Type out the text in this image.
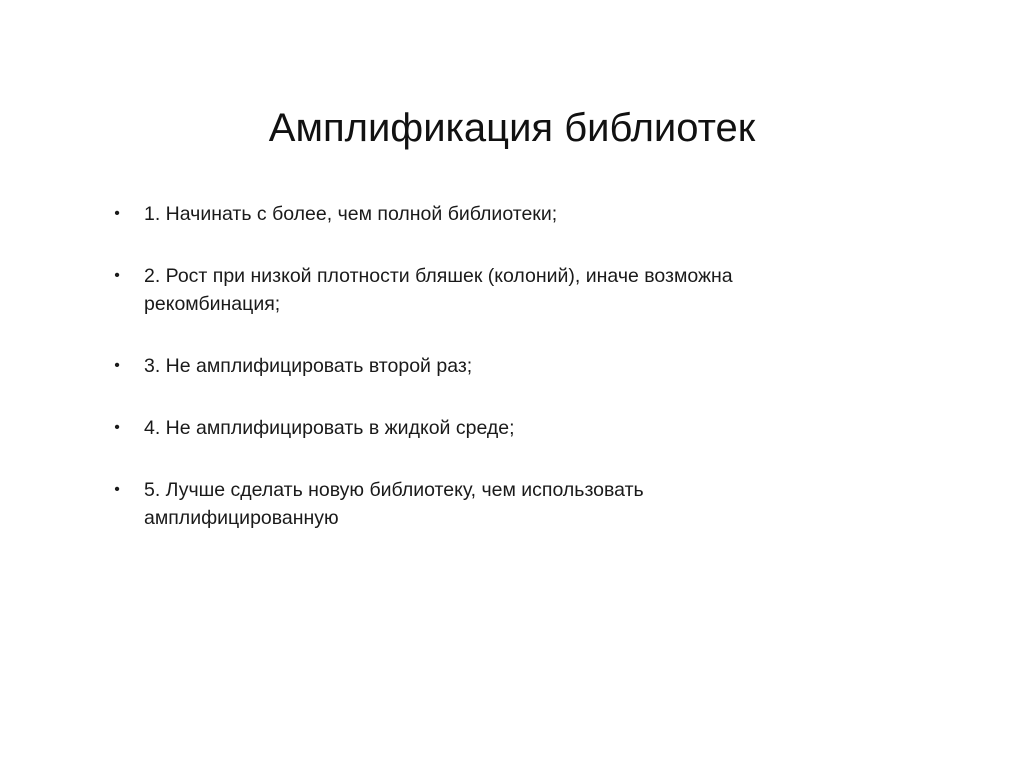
Амплификация библиотек
• 1. Начинать с более, чем полной библиотеки;
• 2. Рост при низкой плотности бляшек (колоний), иначе возможна рекомбинация;
• 3. Не амплифицировать второй раз;
• 4. Не амплифицировать в жидкой среде;
• 5. Лучше сделать новую библиотеку, чем использовать амплифицированную
